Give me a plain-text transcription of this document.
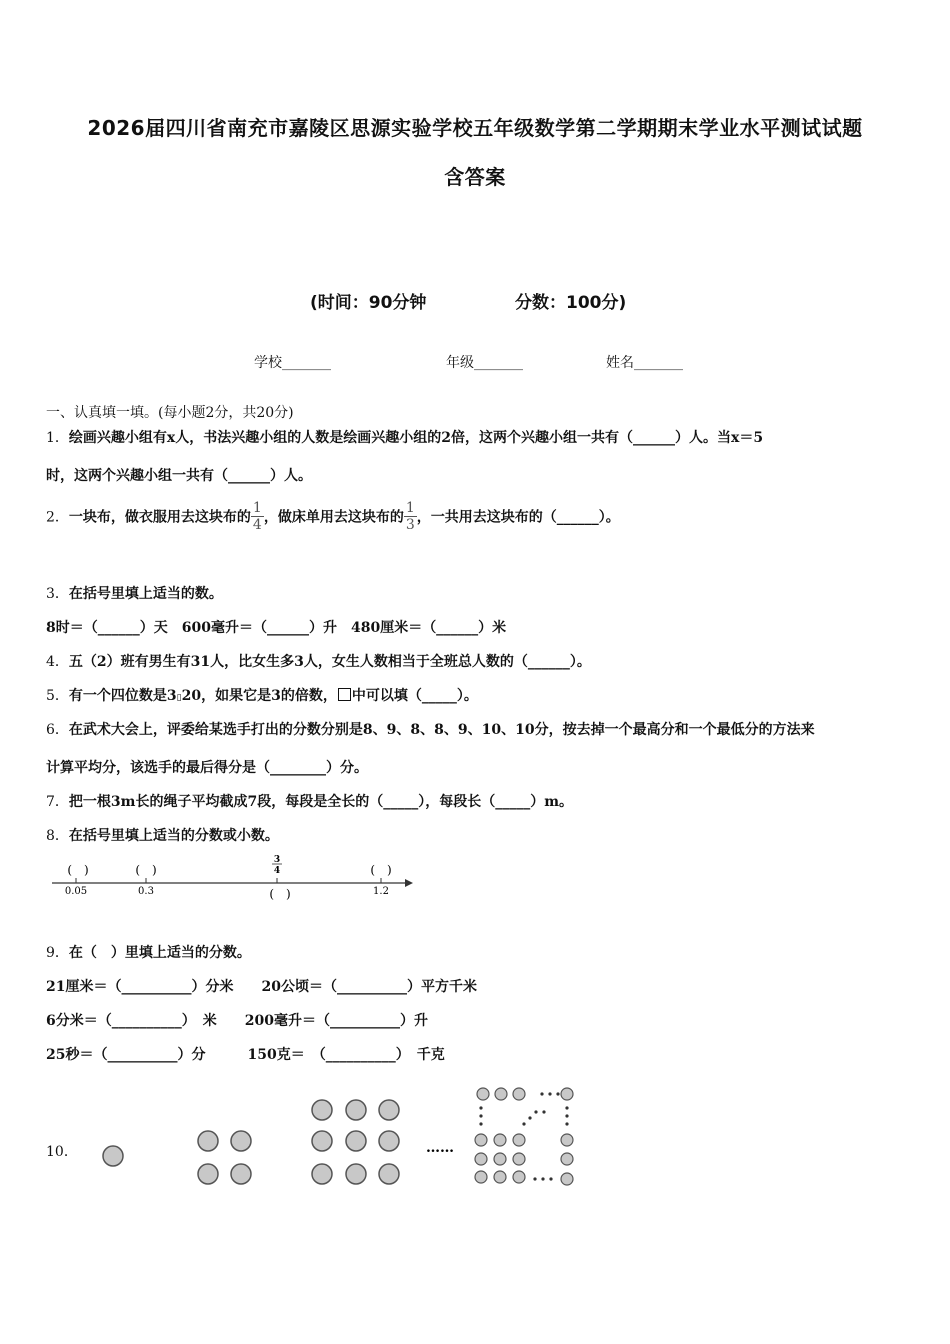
2026届四川省南充市嘉陵区思源实验学校五年级数学第二学期期末学业水平测试试题
含答案
(时间：90分钟	分数：100分)
学校_______	年级_______	姓名_______
一、认真填一填。(每小题2分，共20分)
1．绘画兴趣小组有x人，书法兴趣小组的人数是绘画兴趣小组的2倍，这两个兴趣小组一共有（______）人。当x＝5
时，这两个兴趣小组一共有（______）人。
2．一块布，做衣服用去这块布的 $\frac{1}{4}$ ，做床单用去这块布的 $\frac{1}{3}$ ，一共用去这块布的（______）。
3．在括号里填上适当的数。
8时＝（______）天　600毫升＝（______）升　480厘米＝（______）米
4．五（2）班有男生有31人，比女生多3人，女生人数相当于全班总人数的（______）。
5．有一个四位数是3▯20，如果它是3的倍数， 中可以填（_____）。
6．在武术大会上，评委给某选手打出的分数分别是8、9、8、8、9、10、10分，按去掉一个最高分和一个最低分的方法来
计算平均分，该选手的最后得分是（________）分。
7．把一根3m长的绳子平均截成7段，每段是全长的（_____），每段长（_____）m。
8．在括号里填上适当的分数或小数。
0.05	0.3	1.2
(　)	(　)	(　)
3
4
(　)
9．在（　）里填上适当的分数。
21厘米＝（__________）分米　　20公顷＝（__________）平方千米
6分米＝（__________）　米　　200毫升＝（__________）升
25秒＝（__________）分　　　150克＝　（__________）　千克
10．	……
